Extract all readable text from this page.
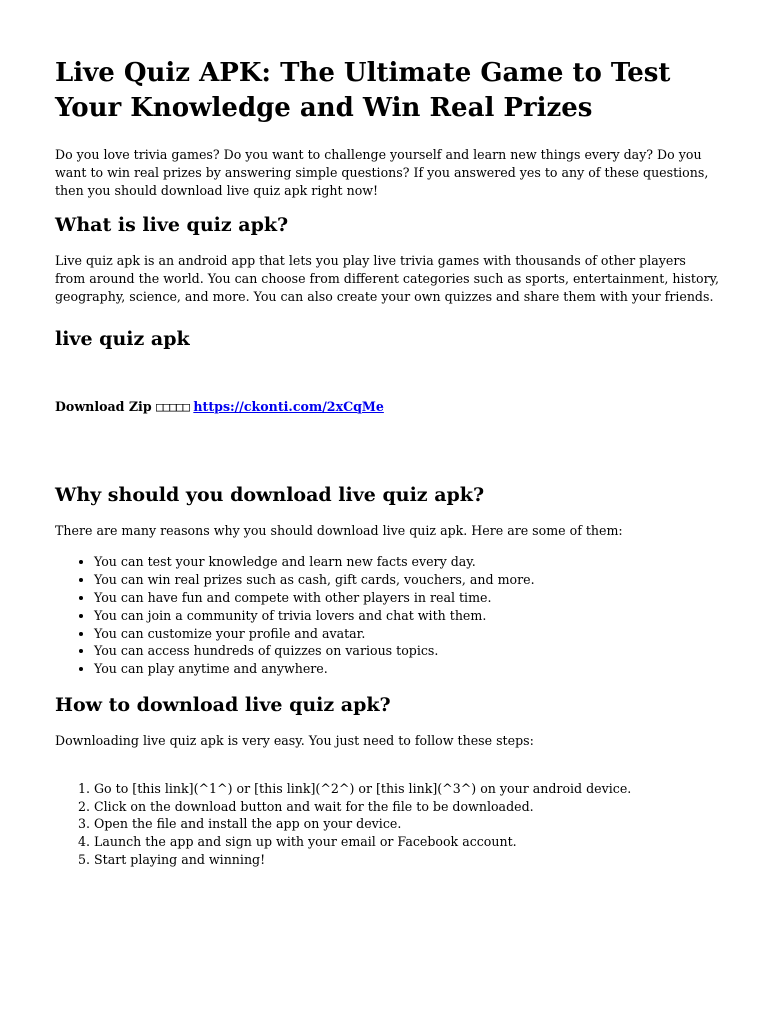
Live Quiz APK: The Ultimate Game to Test Your Knowledge and Win Real Prizes

Do you love trivia games? Do you want to challenge yourself and learn new things every day? Do you want to win real prizes by answering simple questions? If you answered yes to any of these questions, then you should download live quiz apk right now!

What is live quiz apk?

Live quiz apk is an android app that lets you play live trivia games with thousands of other players from around the world. You can choose from different categories such as sports, entertainment, history, geography, science, and more. You can also create your own quizzes and share them with your friends.

live quiz apk
Download Zip □□□□□ https://ckonti.com/2xCqMe
Why should you download live quiz apk?

There are many reasons why you should download live quiz apk. Here are some of them:

• You can test your knowledge and learn new facts every day.
• You can win real prizes such as cash, gift cards, vouchers, and more.
• You can have fun and compete with other players in real time.
• You can join a community of trivia lovers and chat with them.
• You can customize your profile and avatar.
• You can access hundreds of quizzes on various topics.
• You can play anytime and anywhere.
How to download live quiz apk?

Downloading live quiz apk is very easy. You just need to follow these steps:

1. Go to [this link](^1^) or [this link](^2^) or [this link](^3^) on your android device.
2. Click on the download button and wait for the file to be downloaded.
3. Open the file and install the app on your device.
4. Launch the app and sign up with your email or Facebook account.
5. Start playing and winning!
